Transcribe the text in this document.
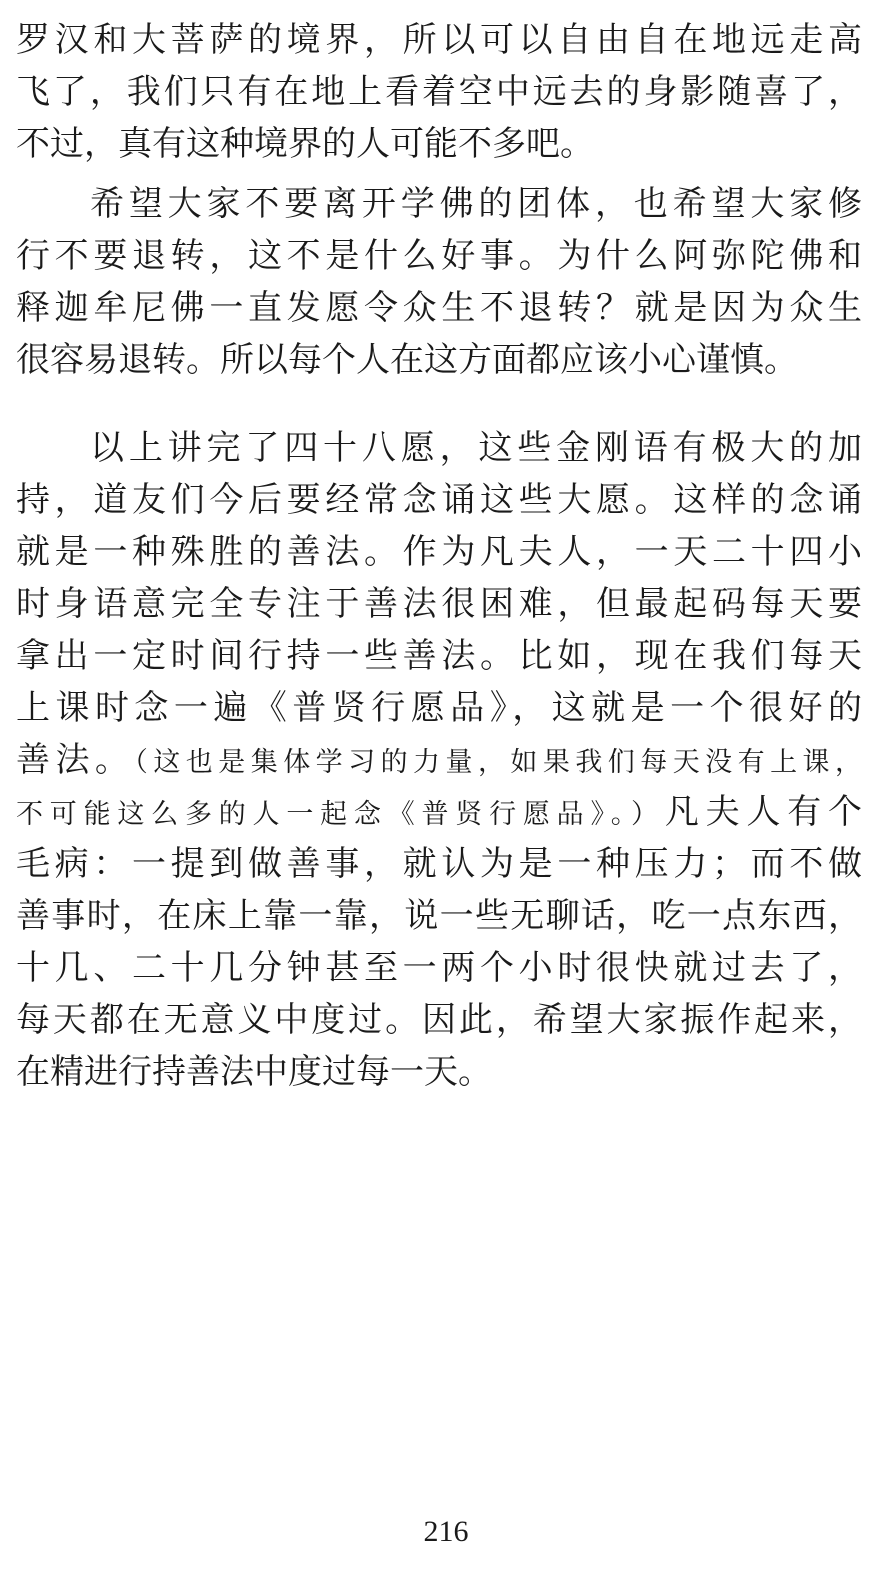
罗汉和大菩萨的境界，所以可以自由自在地远走高
飞了，我们只有在地上看着空中远去的身影随喜了，
不过，真有这种境界的人可能不多吧。
希望大家不要离开学佛的团体，也希望大家修
行不要退转，这不是什么好事。为什么阿弥陀佛和
释迦牟尼佛一直发愿令众生不退转？就是因为众生
很容易退转。所以每个人在这方面都应该小心谨慎。
以上讲完了四十八愿，这些金刚语有极大的加
持，道友们今后要经常念诵这些大愿。这样的念诵
就是一种殊胜的善法。作为凡夫人，一天二十四小
时身语意完全专注于善法很困难，但最起码每天要
拿出一定时间行持一些善法。比如，现在我们每天
上课时念一遍《普贤行愿品》，这就是一个很好的
善法。（这也是集体学习的力量，如果我们每天没有上课，
不可能这么多的人一起念《普贤行愿品》。）凡夫人有个
毛病：一提到做善事，就认为是一种压力；而不做
善事时，在床上靠一靠，说一些无聊话，吃一点东西，
十几、二十几分钟甚至一两个小时很快就过去了，
每天都在无意义中度过。因此，希望大家振作起来，
在精进行持善法中度过每一天。
216
